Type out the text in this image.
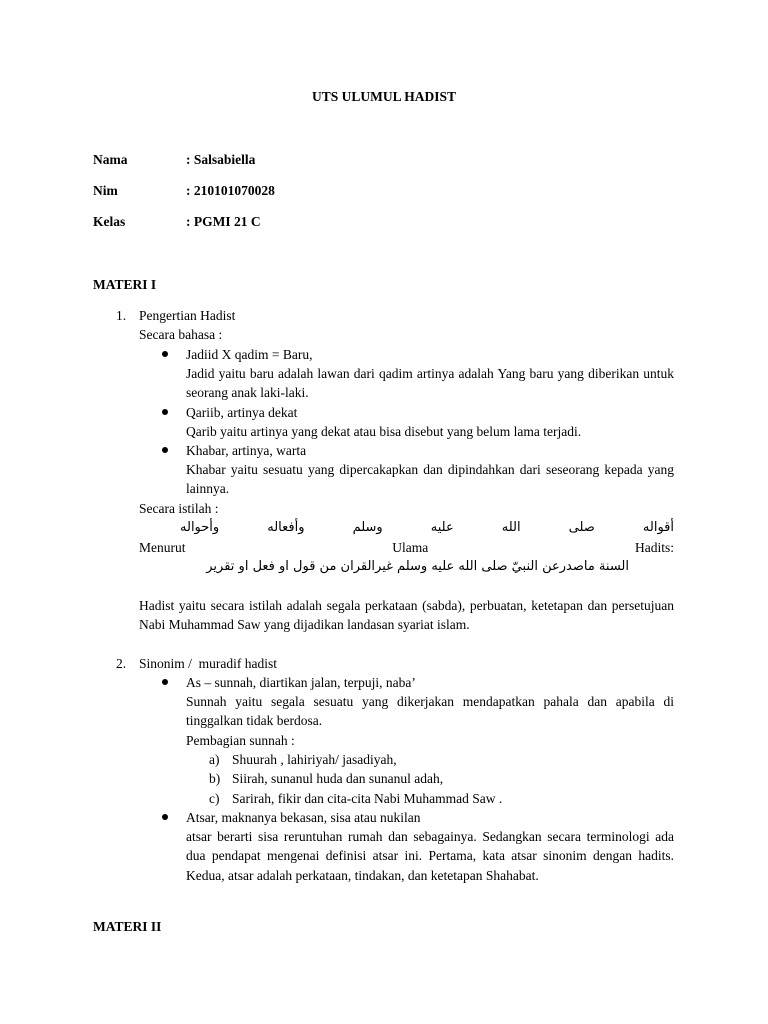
UTS ULUMUL HADIST
Nama	: Salsabiella
Nim	: 210101070028
Kelas	: PGMI 21 C
MATERI I
1. Pengertian Hadist
Secara bahasa :
Jadiid X qadim = Baru,
Jadid yaitu baru adalah lawan dari qadim artinya adalah Yang baru yang diberikan untuk seorang anak laki-laki.
Qariib, artinya dekat
Qarib yaitu artinya yang dekat atau bisa disebut yang belum lama terjadi.
Khabar, artinya, warta
Khabar yaitu sesuatu yang dipercakapkan dan dipindahkan dari seseorang kepada yang lainnya.
Secara istilah :
أقواله
صلى
الله
عليه
وسلم
وأفعاله
وأحواله
Menurut	Ulama	Hadits:
السنة ماصدرعن النبيّ صلى الله عليه وسلم غيرالقران من قول او فعل او تقرير
Hadist yaitu secara istilah adalah segala perkataan (sabda), perbuatan, ketetapan dan persetujuan Nabi Muhammad Saw yang dijadikan landasan syariat islam.
2. Sinonim /  muradif hadist
As – sunnah, diartikan jalan, terpuji, naba’
Sunnah yaitu segala sesuatu yang dikerjakan mendapatkan pahala dan apabila di tinggalkan tidak berdosa.
Pembagian sunnah :
a) Shuurah , lahiriyah/ jasadiyah,
b) Siirah, sunanul huda dan sunanul adah,
c) Sarirah, fikir dan cita-cita Nabi Muhammad Saw .
Atsar, maknanya bekasan, sisa atau nukilan
atsar berarti sisa reruntuhan rumah dan sebagainya. Sedangkan secara terminologi ada dua pendapat mengenai definisi atsar ini. Pertama, kata atsar sinonim dengan hadits. Kedua, atsar adalah perkataan, tindakan, dan ketetapan Shahabat.
MATERI II
